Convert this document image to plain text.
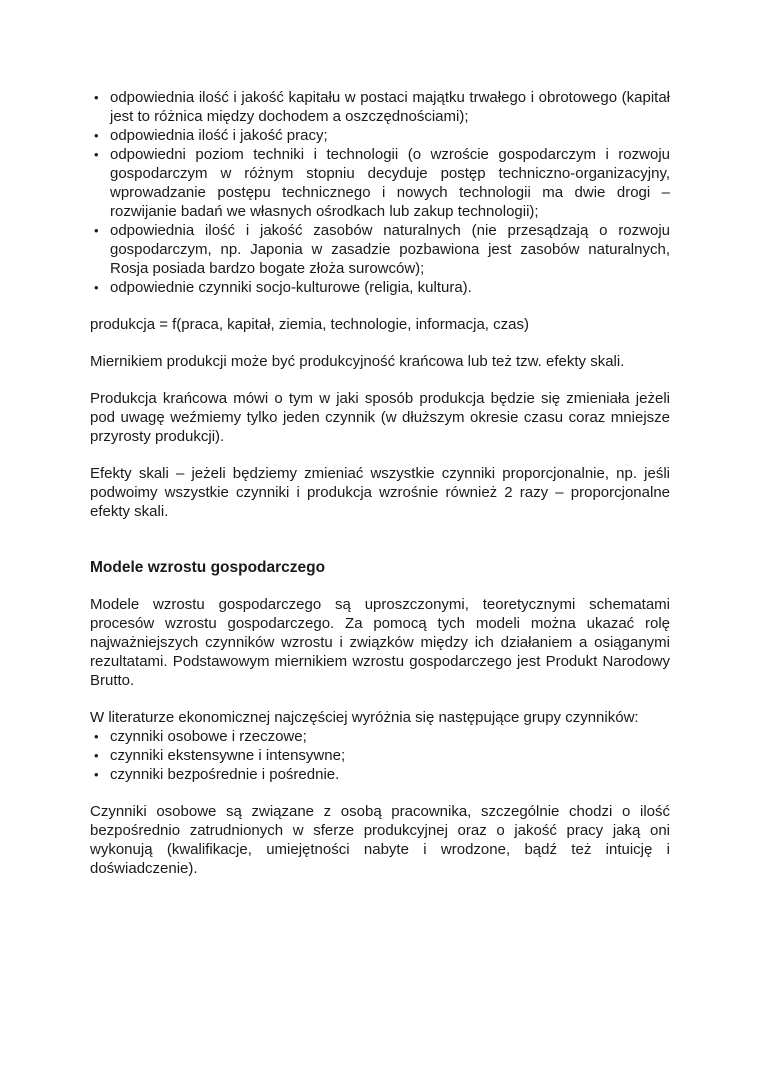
• odpowiednia ilość i jakość kapitału w postaci majątku trwałego i obrotowego (kapitał jest to różnica między dochodem a oszczędnościami);
• odpowiednia ilość i jakość pracy;
• odpowiedni poziom techniki i technologii (o wzroście gospodarczym i rozwoju gospodarczym w różnym stopniu decyduje postęp techniczno-organizacyjny, wprowadzanie postępu technicznego i nowych technologii ma dwie drogi – rozwijanie badań we własnych ośrodkach lub zakup technologii);
• odpowiednia ilość i jakość zasobów naturalnych (nie przesądzają o rozwoju gospodarczym, np. Japonia w zasadzie pozbawiona jest zasobów naturalnych, Rosja posiada bardzo bogate złoża surowców);
• odpowiednie czynniki socjo-kulturowe (religia, kultura).

produkcja = f(praca, kapitał, ziemia, technologie, informacja, czas)

Miernikiem produkcji może być produkcyjność krańcowa lub też tzw. efekty skali.

Produkcja krańcowa mówi o tym w jaki sposób produkcja będzie się zmieniała jeżeli pod uwagę weźmiemy tylko jeden czynnik (w dłuższym okresie czasu coraz mniejsze przyrosty produkcji).

Efekty skali – jeżeli będziemy zmieniać wszystkie czynniki proporcjonalnie, np. jeśli podwoimy wszystkie czynniki i produkcja wzrośnie również 2 razy – proporcjonalne efekty skali.

Modele wzrostu gospodarczego

Modele wzrostu gospodarczego są uproszczonymi, teoretycznymi schematami procesów wzrostu gospodarczego. Za pomocą tych modeli można ukazać rolę najważniejszych czynników wzrostu i związków między ich działaniem a osiąganymi rezultatami. Podstawowym miernikiem wzrostu gospodarczego jest Produkt Narodowy Brutto.

W literaturze ekonomicznej najczęściej wyróżnia się następujące grupy czynników:

• czynniki osobowe i rzeczowe;
• czynniki ekstensywne i intensywne;
• czynniki bezpośrednie i pośrednie.

Czynniki osobowe są związane z osobą pracownika, szczególnie chodzi o ilość bezpośrednio zatrudnionych w sferze produkcyjnej oraz o jakość pracy jaką oni wykonują (kwalifikacje, umiejętności nabyte i wrodzone, bądź też intuicję i doświadczenie).
